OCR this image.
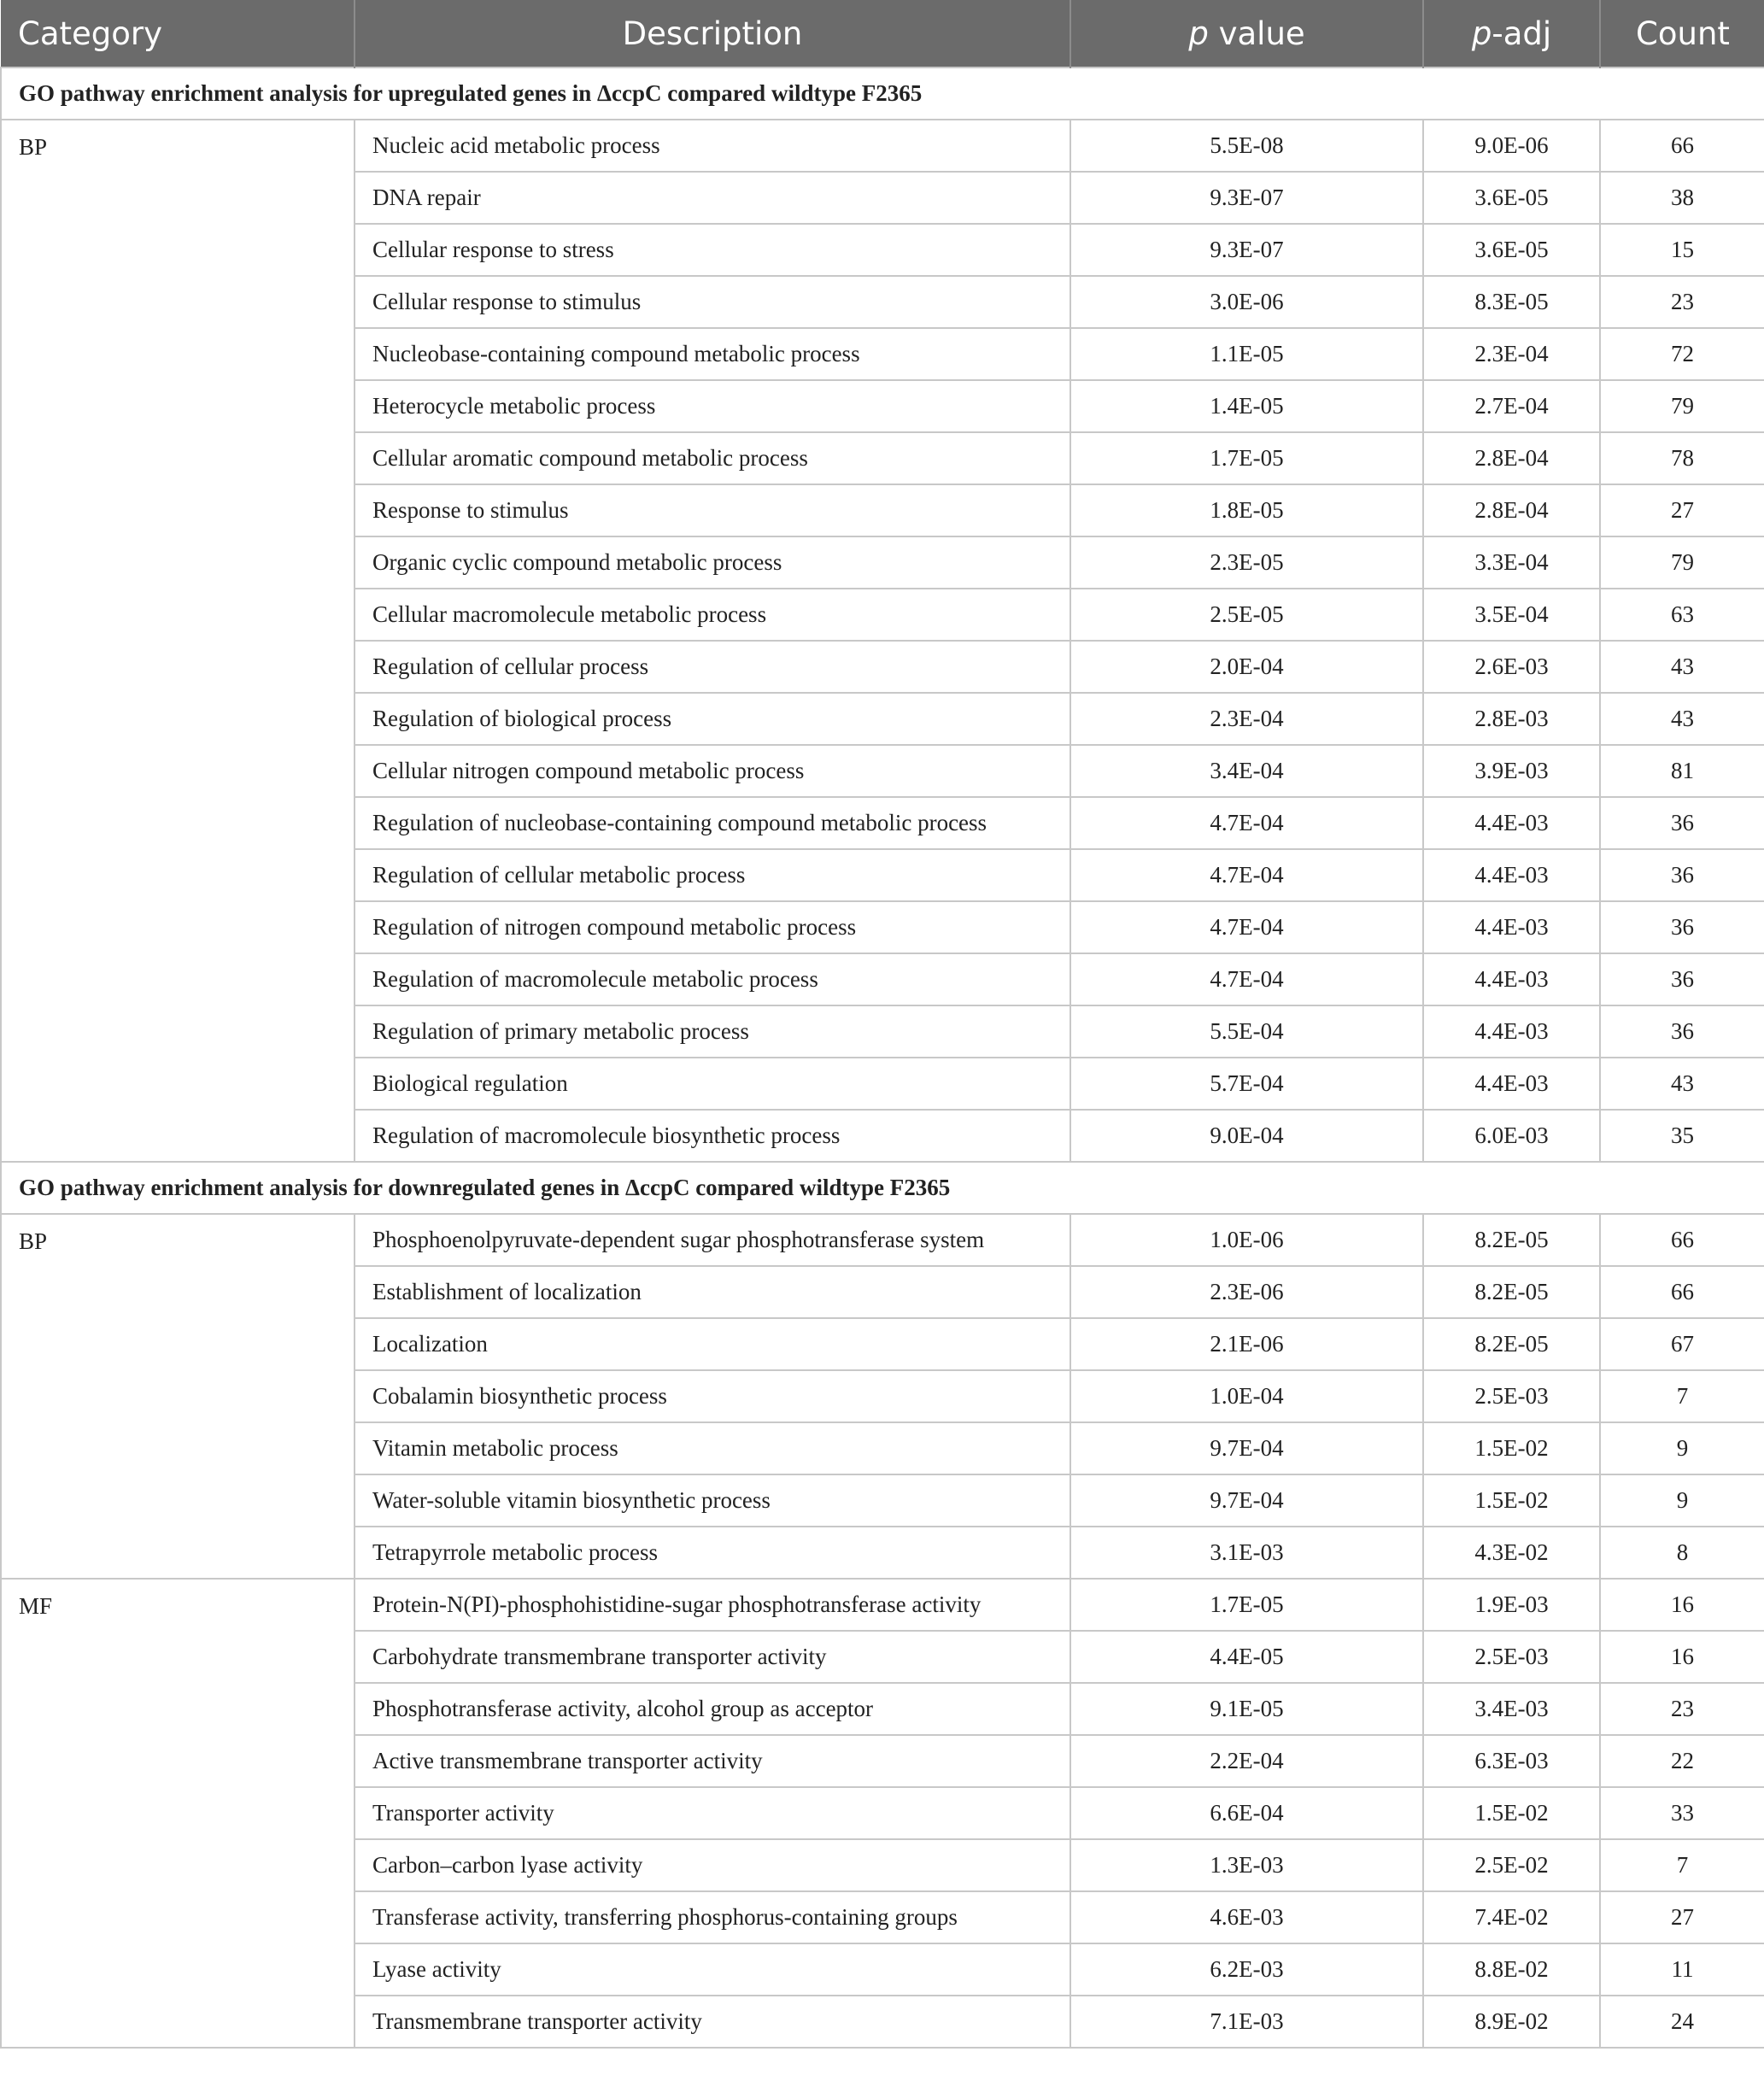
Category	Description	p value	p-adj	Count
GO pathway enrichment analysis for upregulated genes in ΔccpC compared wildtype F2365				
BP	Nucleic acid metabolic process	5.5E-08	9.0E-06	66
	DNA repair	9.3E-07	3.6E-05	38
	Cellular response to stress	9.3E-07	3.6E-05	15
	Cellular response to stimulus	3.0E-06	8.3E-05	23
	Nucleobase-containing compound metabolic process	1.1E-05	2.3E-04	72
	Heterocycle metabolic process	1.4E-05	2.7E-04	79
	Cellular aromatic compound metabolic process	1.7E-05	2.8E-04	78
	Response to stimulus	1.8E-05	2.8E-04	27
	Organic cyclic compound metabolic process	2.3E-05	3.3E-04	79
	Cellular macromolecule metabolic process	2.5E-05	3.5E-04	63
	Regulation of cellular process	2.0E-04	2.6E-03	43
	Regulation of biological process	2.3E-04	2.8E-03	43
	Cellular nitrogen compound metabolic process	3.4E-04	3.9E-03	81
	Regulation of nucleobase-containing compound metabolic process	4.7E-04	4.4E-03	36
	Regulation of cellular metabolic process	4.7E-04	4.4E-03	36
	Regulation of nitrogen compound metabolic process	4.7E-04	4.4E-03	36
	Regulation of macromolecule metabolic process	4.7E-04	4.4E-03	36
	Regulation of primary metabolic process	5.5E-04	4.4E-03	36
	Biological regulation	5.7E-04	4.4E-03	43
	Regulation of macromolecule biosynthetic process	9.0E-04	6.0E-03	35
GO pathway enrichment analysis for downregulated genes in ΔccpC compared wildtype F2365				
BP	Phosphoenolpyruvate-dependent sugar phosphotransferase system	1.0E-06	8.2E-05	66
	Establishment of localization	2.3E-06	8.2E-05	66
	Localization	2.1E-06	8.2E-05	67
	Cobalamin biosynthetic process	1.0E-04	2.5E-03	7
	Vitamin metabolic process	9.7E-04	1.5E-02	9
	Water-soluble vitamin biosynthetic process	9.7E-04	1.5E-02	9
	Tetrapyrrole metabolic process	3.1E-03	4.3E-02	8
MF	Protein-N(PI)-phosphohistidine-sugar phosphotransferase activity	1.7E-05	1.9E-03	16
	Carbohydrate transmembrane transporter activity	4.4E-05	2.5E-03	16
	Phosphotransferase activity, alcohol group as acceptor	9.1E-05	3.4E-03	23
	Active transmembrane transporter activity	2.2E-04	6.3E-03	22
	Transporter activity	6.6E-04	1.5E-02	33
	Carbon–carbon lyase activity	1.3E-03	2.5E-02	7
	Transferase activity, transferring phosphorus-containing groups	4.6E-03	7.4E-02	27
	Lyase activity	6.2E-03	8.8E-02	11
	Transmembrane transporter activity	7.1E-03	8.9E-02	24
